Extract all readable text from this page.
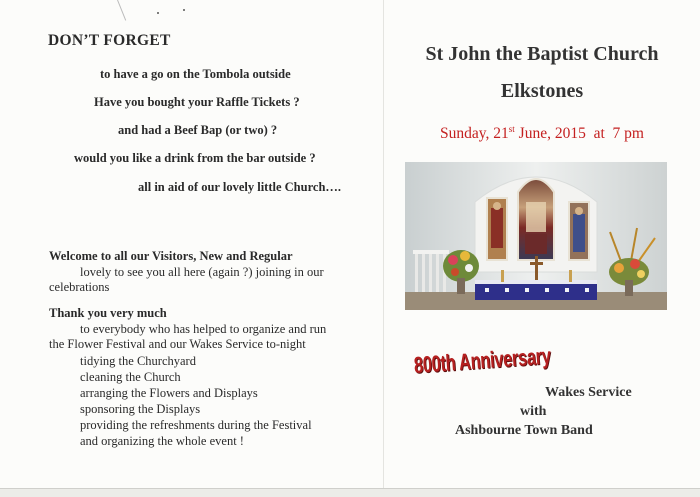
DON’T FORGET
to have a go on the Tombola outside
Have you bought your Raffle Tickets ?
and had a Beef Bap (or two) ?
would you like a drink from the bar outside ?
all in aid of our lovely little Church….
Welcome to all our Visitors, New and Regular
lovely to see you all here (again ?) joining in our
celebrations
Thank you very much
to everybody who has helped to organize and run
the Flower Festival and our Wakes Service to-night
tidying the Churchyard
cleaning the Church
arranging the Flowers and Displays
sponsoring the Displays
providing the refreshments during the Festival
and organizing the whole event !
St John the Baptist Church
Elkstones
Sunday, 21st June, 2015  at  7 pm
800th Anniversary
Wakes Service
with
Ashbourne Town Band
